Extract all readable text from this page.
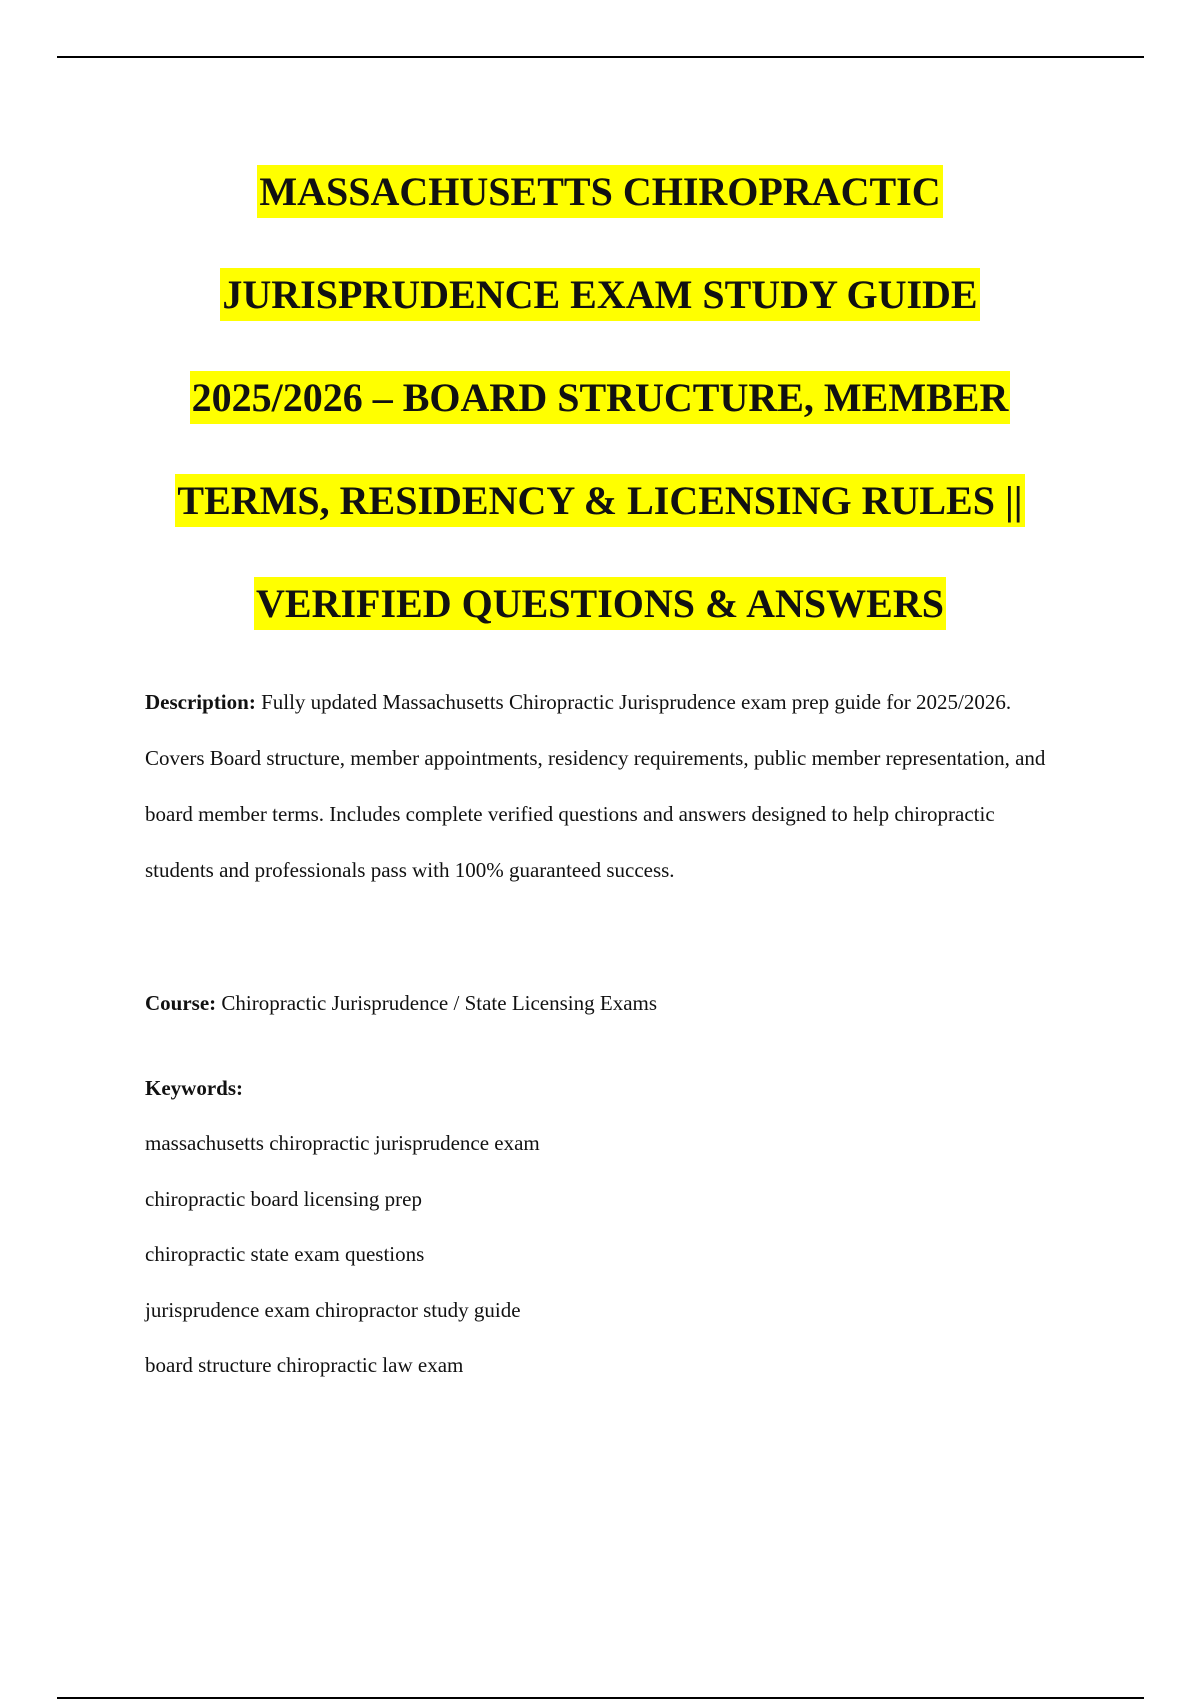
MASSACHUSETTS CHIROPRACTIC
JURISPRUDENCE EXAM STUDY GUIDE
2025/2026 – BOARD STRUCTURE, MEMBER
TERMS, RESIDENCY & LICENSING RULES ||
VERIFIED QUESTIONS & ANSWERS

Description: Fully updated Massachusetts Chiropractic Jurisprudence exam prep guide for 2025/2026. Covers Board structure, member appointments, residency requirements, public member representation, and board member terms. Includes complete verified questions and answers designed to help chiropractic students and professionals pass with 100% guaranteed success.

Course: Chiropractic Jurisprudence / State Licensing Exams

Keywords:

massachusetts chiropractic jurisprudence exam
chiropractic board licensing prep
chiropractic state exam questions
jurisprudence exam chiropractor study guide
board structure chiropractic law exam
